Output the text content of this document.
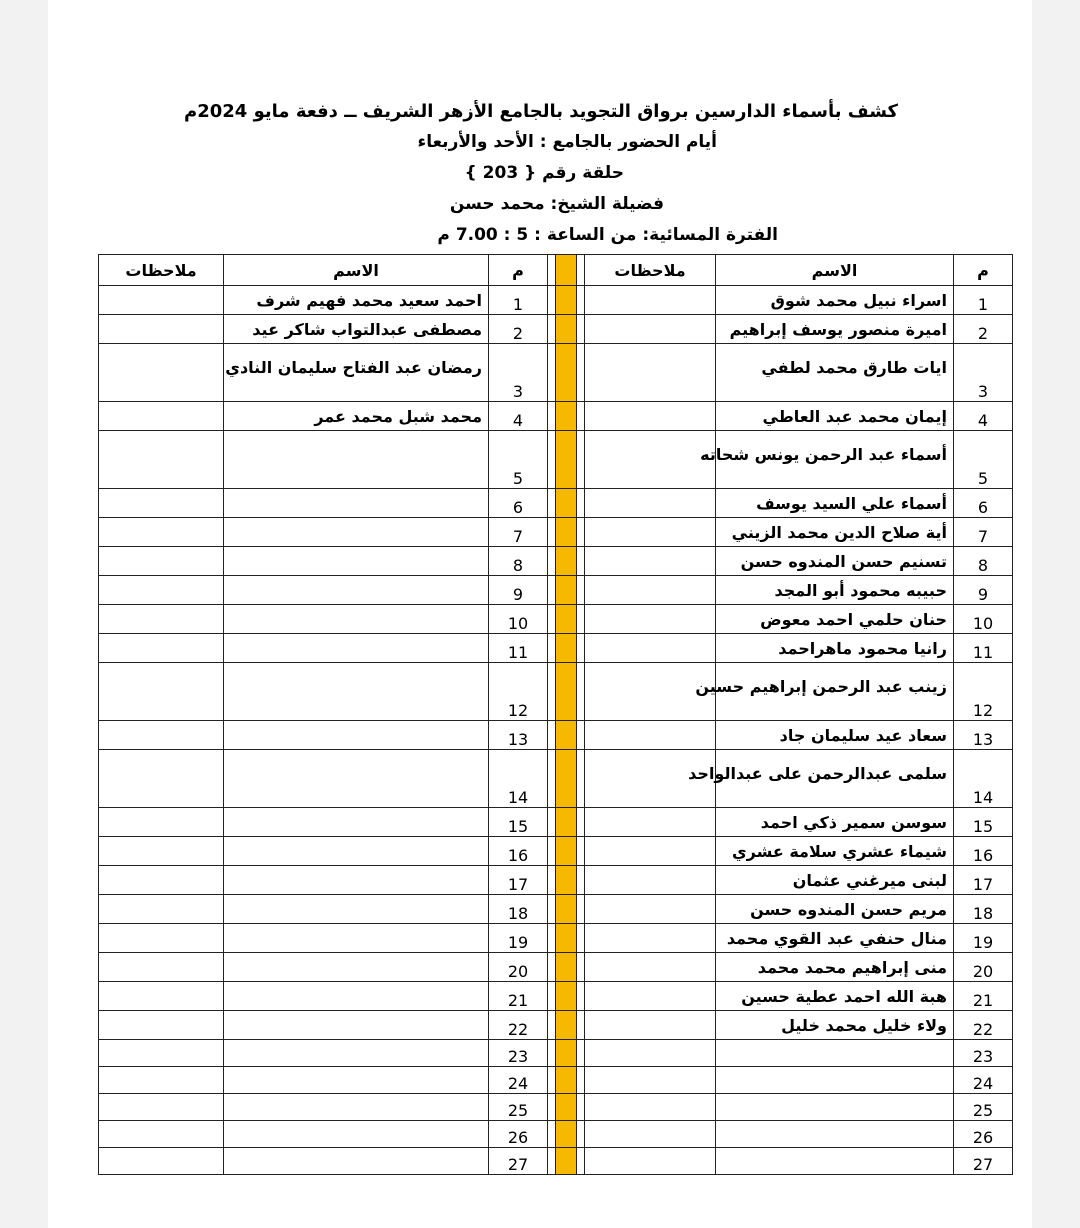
كشف بأسماء الدارسين برواق التجويد بالجامع الأزهر الشريف ــ دفعة مايو 2024م
أيام الحضور بالجامع : الأحد والأربعاء
حلقة رقم { 203 }
فضيلة الشيخ: محمد حسن
الفترة المسائية: من الساعة : 5 : 7.00 م
م	الاسم	ملاحظات				م	الاسم	ملاحظات
1	اسراء نبيل محمد شوق					1	احمد سعيد محمد فهيم شرف	
2	اميرة منصور يوسف إبراهيم					2	مصطفى عبدالتواب شاكر عيد	
3	ايات طارق محمد لطفي					3	رمضان عبد الفتاح سليمان النادي	
4	إيمان محمد عبد العاطي					4	محمد شبل محمد عمر	
5	أسماء عبد الرحمن يونس شحاته					5		
6	أسماء علي السيد يوسف					6		
7	أية صلاح الدين محمد الزيني					7		
8	تسنيم حسن المندوه حسن					8		
9	حبيبه محمود أبو المجد					9		
10	حنان حلمي احمد معوض					10		
11	رانيا محمود ماهراحمد					11		
12	زينب عبد الرحمن إبراهيم حسين					12		
13	سعاد عيد سليمان جاد					13		
14	سلمى عبدالرحمن على عبدالواحد					14		
15	سوسن سمير ذكي احمد					15		
16	شيماء عشري سلامة عشري					16		
17	لبنى ميرغني عثمان					17		
18	مريم حسن المندوه حسن					18		
19	منال حنفي عبد القوي محمد					19		
20	منى إبراهيم محمد محمد					20		
21	هبة الله احمد عطية حسين					21		
22	ولاء خليل محمد خليل					22		
23						23		
24						24		
25						25		
26						26		
27						27		
